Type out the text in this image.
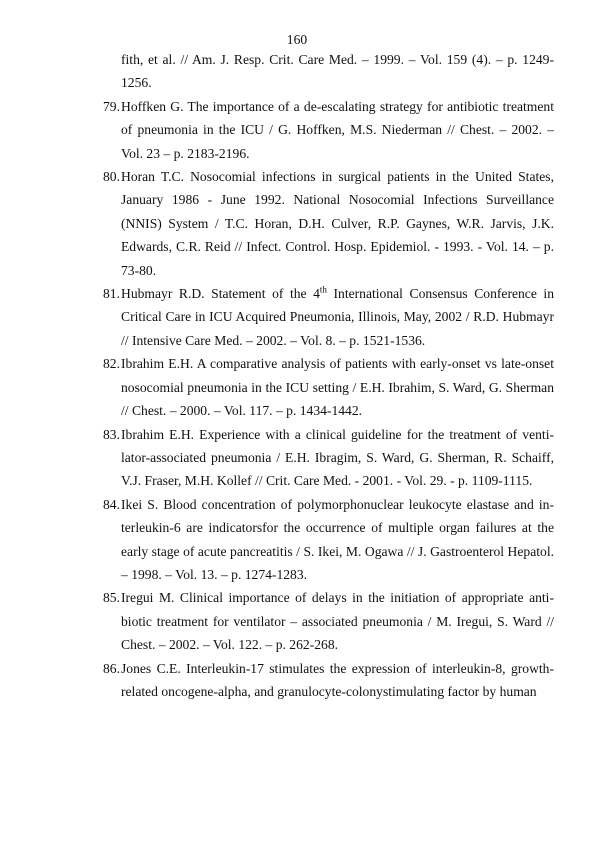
160
fith, et al. // Am. J. Resp. Crit. Care Med. – 1999. – Vol. 159 (4). – p. 1249-1256.
79.Hoffken G. The importance of a de-escalating strategy for antibiotic treatment of pneumonia in the ICU / G. Hoffken, M.S. Niederman // Chest. – 2002. – Vol. 23 – p. 2183-2196.
80.Horan T.C. Nosocomial infections in surgical patients in the United States, January 1986 - June 1992. National Nosocomial Infections Surveillance (NNIS) System / T.C. Horan, D.H. Culver, R.P. Gaynes, W.R. Jarvis, J.K. Edwards, C.R. Reid // Infect. Control. Hosp. Epidemiol. - 1993. - Vol. 14. – p. 73-80.
81.Hubmayr R.D. Statement of the 4th International Consensus Conference in Critical Care in ICU Acquired Pneumonia, Illinois, May, 2002 / R.D. Hubmayr // Intensive Care Med. – 2002. – Vol. 8. – p. 1521-1536.
82.Ibrahim E.H. A comparative analysis of patients with early-onset vs late-onset nosocomial pneumonia in the ICU setting / E.H. Ibrahim, S. Ward, G. Sherman // Chest. – 2000. – Vol. 117. – p. 1434-1442.
83.Ibrahim E.H. Experience with a clinical guideline for the treatment of ventilator-associated pneumonia / E.H. Ibragim, S. Ward, G. Sherman, R. Schaiff, V.J. Fraser, M.H. Kollef // Crit. Care Med. - 2001. - Vol. 29. - p. 1109-1115.
84.Ikei S. Blood concentration of polymorphonuclear leukocyte elastase and interleukin-6 are indicatorsfor the occurrence of multiple organ failures at the early stage of acute pancreatitis / S. Ikei, M. Ogawa // J. Gastroenterol Hepatol. – 1998. – Vol. 13. – p. 1274-1283.
85.Iregui M. Clinical importance of delays in the initiation of appropriate antibiotic treatment for ventilator – associated pneumonia / M. Iregui, S. Ward // Chest. – 2002. – Vol. 122. – p. 262-268.
86.Jones C.E. Interleukin-17 stimulates the expression of interleukin-8, growth-related oncogene-alpha, and granulocyte-colonystimulating factor by human
